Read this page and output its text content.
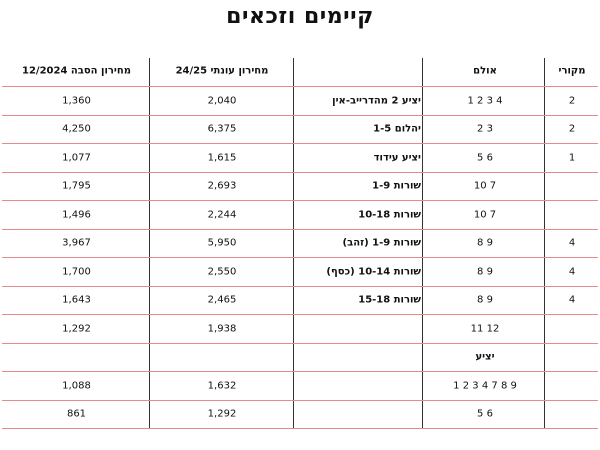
קיימים וזכאים
מקורי
אולם
מחירון עונתי 24/25
מחירון הסבה 12/2024
2
4 3 2 1
יציע 2 מהדרייב-אין
2,040
1,360
2
3 2
יהלום 1-5
6,375
4,250
1
6 5
יציע עידוד
1,615
1,077
7 10
שורות 1-9
2,693
1,795
7 10
שורות 10-18
2,244
1,496
4
9 8
שורות 1-9 (זהב)
5,950
3,967
4
9 8
שורות 10-14 (כסף)
2,550
1,700
4
9 8
שורות 15-18
2,465
1,643
12 11
1,938
1,292
יציע
9 8 7 4 3 2 1
1,632
1,088
6 5
1,292
861
